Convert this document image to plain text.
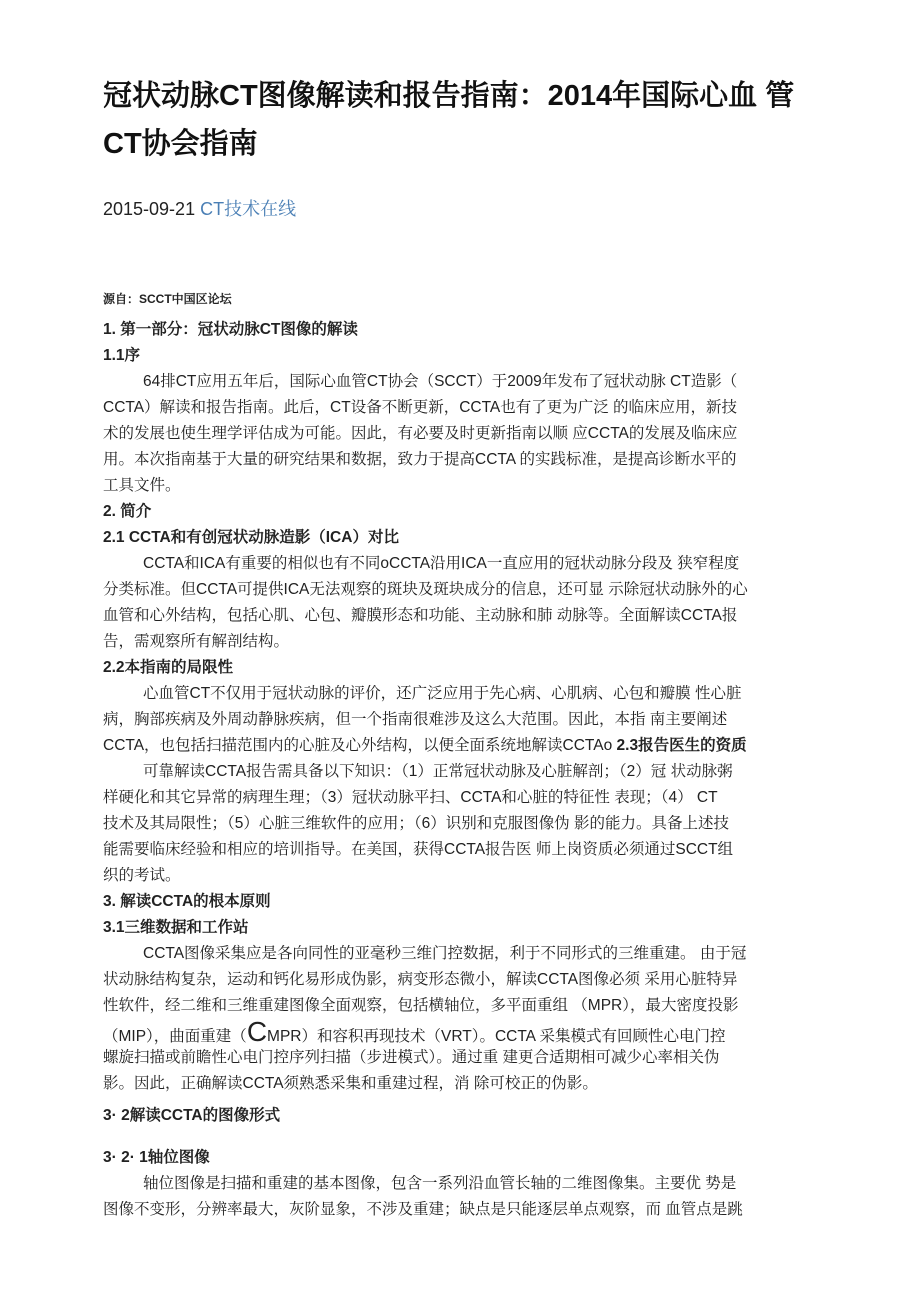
冠状动脉CT图像解读和报告指南：2014年国际心血 管
CT协会指南
2015-09-21 CT技术在线
源自：SCCT中国区论坛
1. 第一部分：冠状动脉CT图像的解读
1.1序
64排CT应用五年后，国际心血管CT协会（SCCT）于2009年发布了冠状动脉 CT造影（
CCTA）解读和报告指南。此后，CT设备不断更新，CCTA也有了更为广泛 的临床应用，新技
术的发展也使生理学评估成为可能。因此，有必要及时更新指南以顺 应CCTA的发展及临床应
用。本次指南基于大量的研究结果和数据，致力于提高CCTA 的实践标准，是提高诊断水平的
工具文件。
2. 简介
2.1 CCTA和有创冠状动脉造影（ICA）对比
CCTA和ICA有重要的相似也有不同oCCTA沿用ICA一直应用的冠状动脉分段及 狭窄程度
分类标准。但CCTA可提供ICA无法观察的斑块及斑块成分的信息，还可显 示除冠状动脉外的心
血管和心外结构，包括心肌、心包、瓣膜形态和功能、主动脉和肺 动脉等。全面解读CCTA报
告，需观察所有解剖结构。
2.2本指南的局限性
心血管CT不仅用于冠状动脉的评价，还广泛应用于先心病、心肌病、心包和瓣膜 性心脏
病，胸部疾病及外周动静脉疾病，但一个指南很难涉及这么大范围。因此，本指 南主要阐述
CCTA，也包括扫描范围内的心脏及心外结构，以便全面系统地解读CCTAo 2.3报告医生的资质
可靠解读CCTA报告需具备以下知识：（1）正常冠状动脉及心脏解剖；（2）冠 状动脉粥
样硬化和其它异常的病理生理；（3）冠状动脉平扫、CCTA和心脏的特征性 表现；（4） CT
技术及其局限性；（5）心脏三维软件的应用；（6）识别和克服图像伪 影的能力。具备上述技
能需要临床经验和相应的培训指导。在美国，获得CCTA报告医 师上岗资质必须通过SCCT组
织的考试。
3. 解读CCTA的根本原则
3.1三维数据和工作站
CCTA图像采集应是各向同性的亚毫秒三维门控数据，利于不同形式的三维重建。 由于冠
状动脉结构复杂，运动和钙化易形成伪影，病变形态微小，解读CCTA图像必须 采用心脏特异
性软件，经二维和三维重建图像全面观察，包括横轴位，多平面重组 （MPR），最大密度投影
（MIP），曲面重建（CMPR）和容积再现技术（VRT）。CCTA 采集模式有回顾性心电门控
螺旋扫描或前瞻性心电门控序列扫描（步进模式）。通过重 建更合适期相可减少心率相关伪
影。因此，正确解读CCTA须熟悉采集和重建过程，消 除可校正的伪影。
3· 2解读CCTA的图像形式
3· 2· 1轴位图像
轴位图像是扫描和重建的基本图像，包含一系列沿血管长轴的二维图像集。主要优 势是
图像不变形，分辨率最大，灰阶显象，不涉及重建；缺点是只能逐层单点观察，而 血管点是跳
